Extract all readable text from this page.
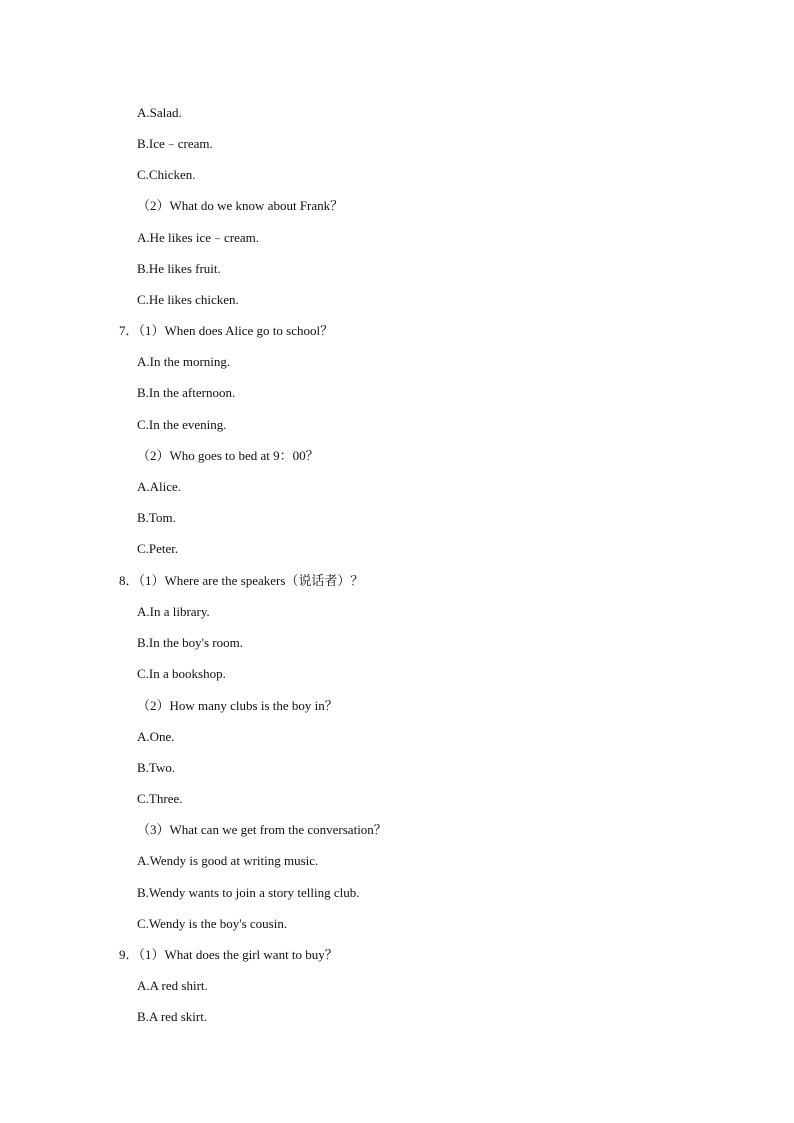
A.Salad.
B.Ice﹣cream.
C.Chicken.
（2）What do we know about Frank？
A.He likes ice﹣cream.
B.He likes fruit.
C.He likes chicken.
7．（1）When does Alice go to school？
A.In the morning.
B.In the afternoon.
C.In the evening.
（2）Who goes to bed at 9：00？
A.Alice.
B.Tom.
C.Peter.
8．（1）Where are the speakers（说话者）？
A.In a library.
B.In the boy's room.
C.In a bookshop.
（2）How many clubs is the boy in？
A.One.
B.Two.
C.Three.
（3）What can we get from the conversation？
A.Wendy is good at writing music.
B.Wendy wants to join a story telling club.
C.Wendy is the boy's cousin.
9．（1）What does the girl want to buy？
A.A red shirt.
B.A red skirt.
